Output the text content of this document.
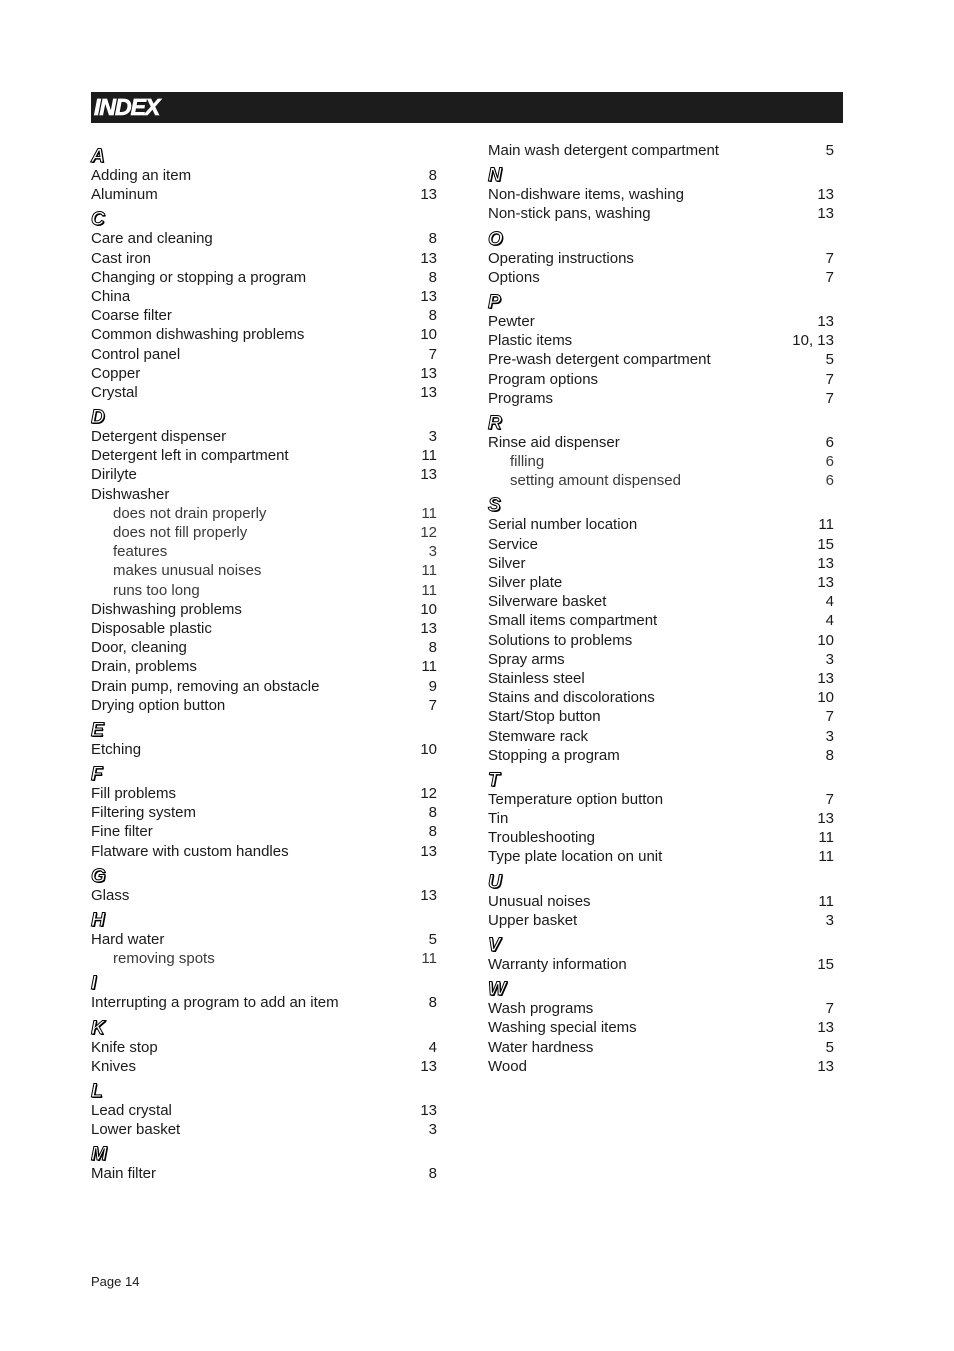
INDEX
A
Adding an item	8
Aluminum	13
C
Care and cleaning	8
Cast iron	13
Changing or stopping a program	8
China	13
Coarse filter	8
Common dishwashing problems	10
Control panel	7
Copper	13
Crystal	13
D
Detergent dispenser	3
Detergent left in compartment	11
Dirilyte	13
Dishwasher
does not drain properly	11
does not fill properly	12
features	3
makes unusual noises	11
runs too long	11
Dishwashing problems	10
Disposable plastic	13
Door, cleaning	8
Drain, problems	11
Drain pump, removing an obstacle	9
Drying option button	7
E
Etching	10
F
Fill problems	12
Filtering system	8
Fine filter	8
Flatware with custom handles	13
G
Glass	13
H
Hard water	5
removing spots	11
I
Interrupting a program to add an item	8
K
Knife stop	4
Knives	13
L
Lead crystal	13
Lower basket	3
M
Main filter	8
Main wash detergent compartment	5
N
Non-dishware items, washing	13
Non-stick pans, washing	13
O
Operating instructions	7
Options	7
P
Pewter	13
Plastic items	10, 13
Pre-wash detergent compartment	5
Program options	7
Programs	7
R
Rinse aid dispenser	6
filling	6
setting amount dispensed	6
S
Serial number location	11
Service	15
Silver	13
Silver plate	13
Silverware basket	4
Small items compartment	4
Solutions to problems	10
Spray arms	3
Stainless steel	13
Stains and discolorations	10
Start/Stop button	7
Stemware rack	3
Stopping a program	8
T
Temperature option button	7
Tin	13
Troubleshooting	11
Type plate location on unit	11
U
Unusual noises	11
Upper basket	3
V
Warranty information	15
W
Wash programs	7
Washing special items	13
Water hardness	5
Wood	13
Page 14
